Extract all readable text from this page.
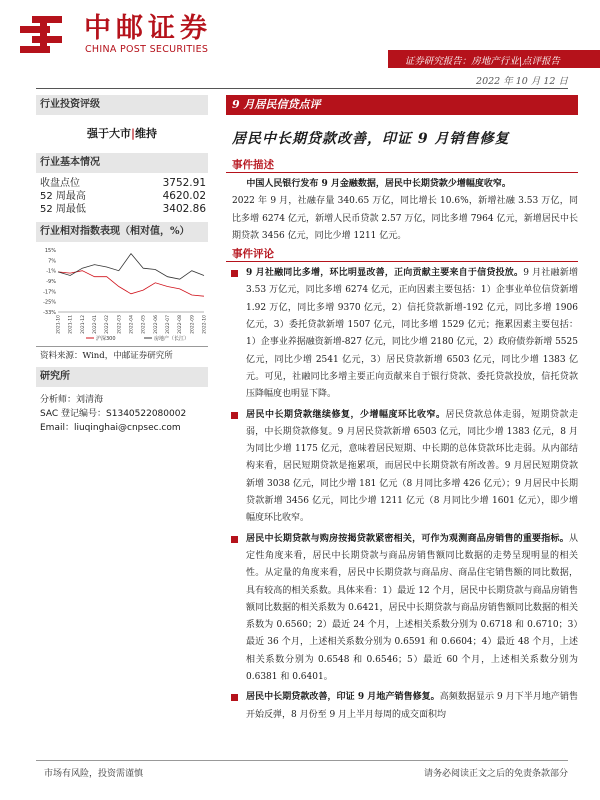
中邮证券
CHINA POST SECURITIES
证券研究报告：房地产行业|点评报告
2022 年 10 月 12 日
行业投资评级
强于大市|维持
行业基本情况
收盘点位	3752.91
52 周最高	4620.02
52 周最低	3402.86
行业相对指数表现（相对值，%）
15%
7%
-1%
-9%
-17%
-25%
-33%
2021-10 2021-11 2021-12 2022-01 2022-02 2022-03 2022-04 2022-05 2022-06 2022-07 2022-08 2022-09 2022-10
沪深300	房地产（长江）
资料来源：Wind，中邮证券研究所
研究所
分析师：刘清海
SAC 登记编号：S1340522080002
Email：liuqinghai@cnpsec.com
9 月居民信贷点评
居民中长期贷款改善，印证 9 月销售修复
事件描述
中国人民银行发布 9 月金融数据，居民中长期贷款少增幅度收窄。
2022 年 9 月，社融存量 340.65 万亿，同比增长 10.6%，新增社融 3.53 万亿，同比多增 6274 亿元，新增人民币贷款 2.57 万亿，同比多增 7964 亿元，新增居民中长期贷款 3456 亿元，同比少增 1211 亿元。
事件评论
9 月社融同比多增，环比明显改善，正向贡献主要来自于信贷投放。9 月社融新增 3.53 万亿元，同比多增 6274 亿元，正向因素主要包括：1）企事业单位信贷新增 1.92 万亿，同比多增 9370 亿元，2）信托贷款新增-192 亿元，同比多增 1906 亿元，3）委托贷款新增 1507 亿元，同比多增 1529 亿元；拖累因素主要包括：1）企事业养据融资新增-827 亿元，同比少增 2180 亿元，2）政府债券新增 5525 亿元，同比少增 2541 亿元，3）居民贷款新增 6503 亿元，同比少增 1383 亿元。可见，社融同比多增主要正向贡献来自于银行贷款、委托贷款投放，信托贷款压降幅度也明显下降。
居民中长期贷款继续修复，少增幅度环比收窄。居民贷款总体走弱，短期贷款走弱，中长期贷款修复。9 月居民贷款新增 6503 亿元，同比少增 1383 亿元，8 月为同比少增 1175 亿元，意味着居民短期、中长期的总体贷款环比走弱。从内部结构来看，居民短期贷款是拖累项，而居民中长期贷款有所改善。9 月居民短期贷款新增 3038 亿元，同比少增 181 亿元（8 月同比多增 426 亿元）；9 月居民中长期贷款新增 3456 亿元，同比少增 1211 亿元（8 月同比少增 1601 亿元），即少增幅度环比收窄。
居民中长期贷款与购房按揭贷款紧密相关，可作为观测商品房销售的重要指标。从定性角度来看，居民中长期贷款与商品房销售额同比数据的走势呈现明显的相关性。从定量的角度来看，居民中长期贷款与商品房、商品住宅销售额的同比数据，具有较高的相关系数。具体来看：1）最近 12 个月，居民中长期贷款与商品房销售额同比数据的相关系数为 0.6421，居民中长期贷款与商品房销售额同比数据的相关系数为 0.6560；2）最近 24 个月，上述相关系数分别为 0.6718 和 0.6710；3）最近 36 个月，上述相关系数分别为 0.6591 和 0.6604；4）最近 48 个月，上述相关系数分别为 0.6548 和 0.6546；5）最近 60 个月，上述相关系数分别为 0.6381 和 0.6401。
居民中长期贷款改善，印证 9 月地产销售修复。高频数据显示 9 月下半月地产销售开始反弹，8 月份至 9 月上半月每周的成交面积均
市场有风险，投资需谨慎	请务必阅读正文之后的免责条款部分
